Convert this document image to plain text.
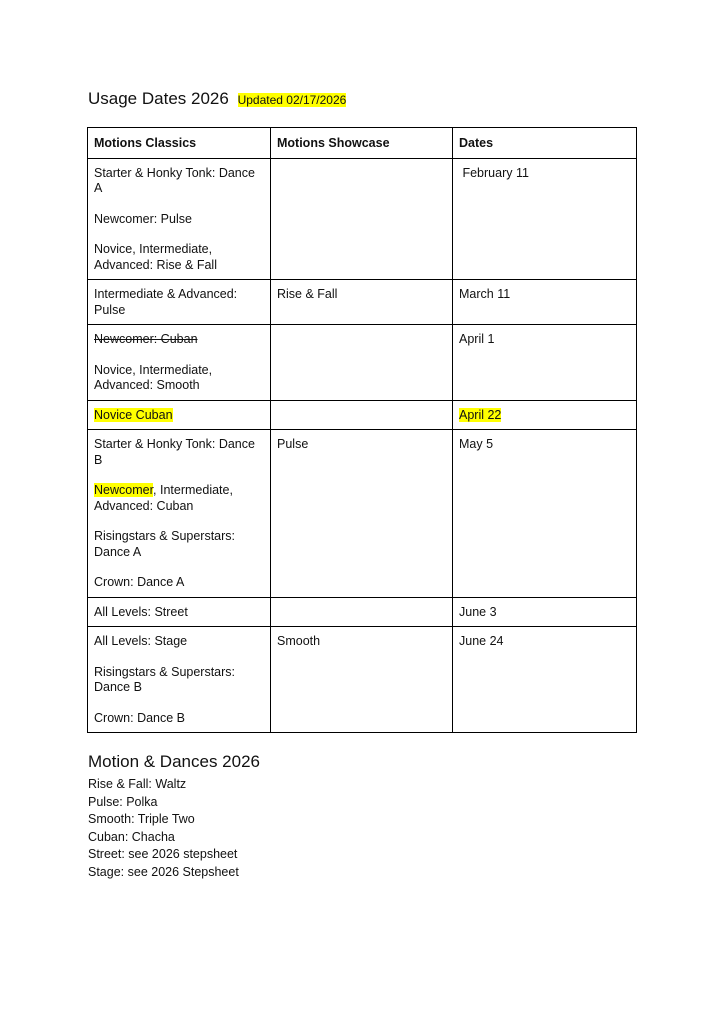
Usage Dates 2026 Updated 02/17/2026
Motions Classics	Motions Showcase	Dates

Starter & Honky Tonk: Dance A

Newcomer: Pulse

Novice, Intermediate, Advanced: Rise & Fall		February 11

Intermediate & Advanced: Pulse	Rise & Fall	March 11

Newcomer: Cuban

Novice, Intermediate, Advanced: Smooth		April 1

Novice Cuban		April 22

Starter & Honky Tonk: Dance B

Newcomer, Intermediate, Advanced: Cuban

Risingstars & Superstars: Dance A

Crown: Dance A	Pulse	May 5

All Levels: Street		June 3

All Levels: Stage

Risingstars & Superstars: Dance B

Crown: Dance B	Smooth	June 24
Motion & Dances 2026
Rise & Fall: Waltz
Pulse: Polka
Smooth: Triple Two
Cuban: Chacha
Street: see 2026 stepsheet
Stage: see 2026 Stepsheet
